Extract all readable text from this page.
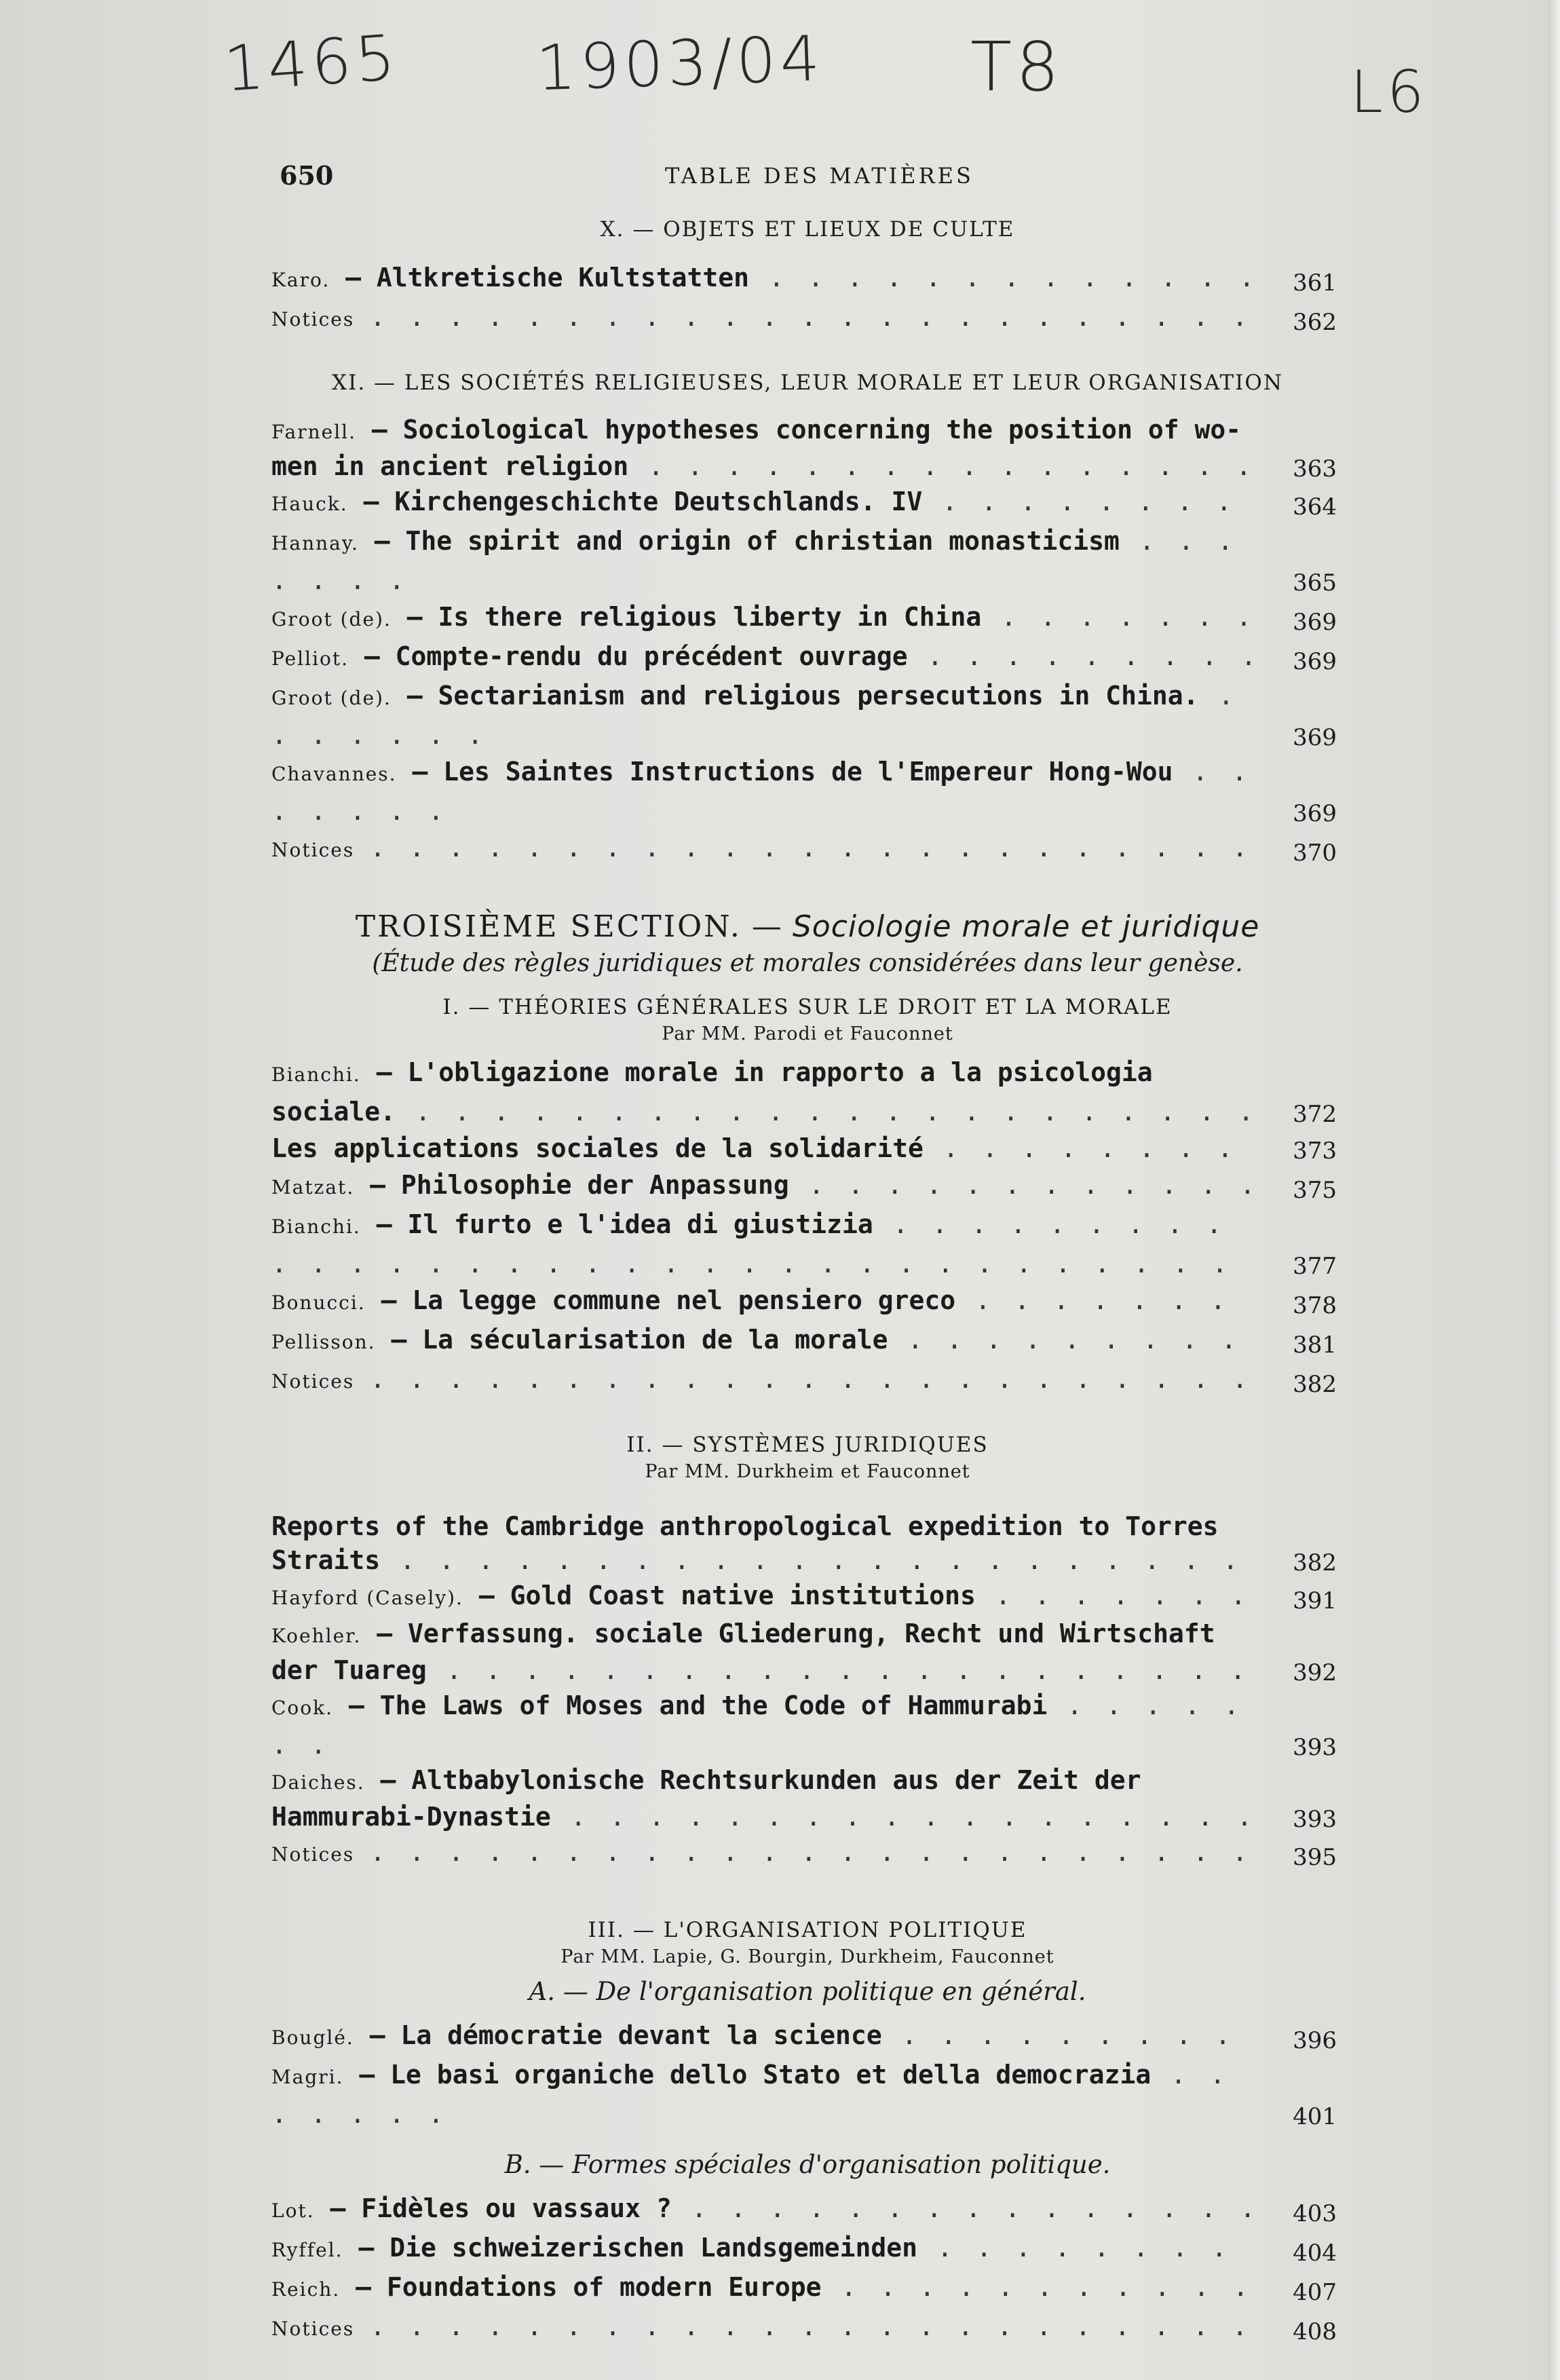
1465 1903/04 T8	L6
650	TABLE DES MATIÈRES

X. — OBJETS ET LIEUX DE CULTE

Karo. — Altkretische Kultstatten . . . . . . . . . . . . . 361
Notices . . . . . . . . . . . . . . . . . . . . . . .	362

XI. — LES SOCIÉTÉS RELIGIEUSES, LEUR MORALE ET LEUR ORGANISATION

Farnell. — Sociological hypotheses concerning the position of wo-
men in ancient religion . . . . . . . . . . . . . . . . 363
Hauck. — Kirchengeschichte Deutschlands. IV . . . . . . . .	364
Hannay. — The spirit and origin of christian monasticism . . . . . . .	365
Groot (de). — Is there religious liberty in China . . . . . . . 369
Pelliot. — Compte-rendu du précédent ouvrage . . . . . . . . . 369
Groot (de). — Sectarianism and religious persecutions in China. . . . . . . .	369
Chavannes. — Les Saintes Instructions de l'Empereur Hong-Wou . . . . . . .	369
Notices . . . . . . . . . . . . . . . . . . . . . . .	370
TROISIÈME SECTION. — Sociologie morale et juridique

(Étude des règles juridiques et morales considérées dans leur genèse.

I. — THÉORIES GÉNÉRALES SUR LE DROIT ET LA MORALE

Par MM. Parodi et Fauconnet

Bianchi. — L'obligazione morale in rapporto a la psicologia sociale. . . . . . . . . . . . . . . . . . . . . . . 372
Les applications sociales de la solidarité . . . . . . . .	373
Matzat. — Philosophie der Anpassung . . . . . . . . . . . . 375
Bianchi. — Il furto e l'idea di giustizia . . . . . . . . . . . . . . . . . . . . . . . . . . . . . . . . . .	377
Bonucci. — La legge commune nel pensiero greco . . . . . . .	378
Pellisson. — La sécularisation de la morale . . . . . . . . .	381
Notices . . . . . . . . . . . . . . . . . . . . . . .	382

II. — SYSTÈMES JURIDIQUES

Par MM. Durkheim et Fauconnet

Reports of the Cambridge anthropological expedition to Torres
Straits . . . . . . . . . . . . . . . . . . . . . .	382
Hayford (Casely). — Gold Coast native institutions . . . . . . .	391
Koehler. — Verfassung. sociale Gliederung, Recht und Wirtschaft
der Tuareg . . . . . . . . . . . . . . . . . . . . .	392
Cook. — The Laws of Moses and the Code of Hammurabi . . . . . . .	393
Daiches. — Altbabylonische Rechtsurkunden aus der Zeit der
Hammurabi-Dynastie . . . . . . . . . . . . . . . . . . 393
Notices . . . . . . . . . . . . . . . . . . . . . . .	395

III. — L'ORGANISATION POLITIQUE

Par MM. Lapie, G. Bourgin, Durkheim, Fauconnet

A. — De l'organisation politique en général.

Bouglé. — La démocratie devant la science . . . . . . . . .	396
Magri. — Le basi organiche dello Stato et della democrazia . . . . . . .	401

B. — Formes spéciales d'organisation politique.

Lot. — Fidèles ou vassaux ? . . . . . . . . . . . . . . . 403
Ryffel. — Die schweizerischen Landsgemeinden . . . . . . . .	404
Reich. — Foundations of modern Europe . . . . . . . . . . .	407
Notices . . . . . . . . . . . . . . . . . . . . . . .	408
